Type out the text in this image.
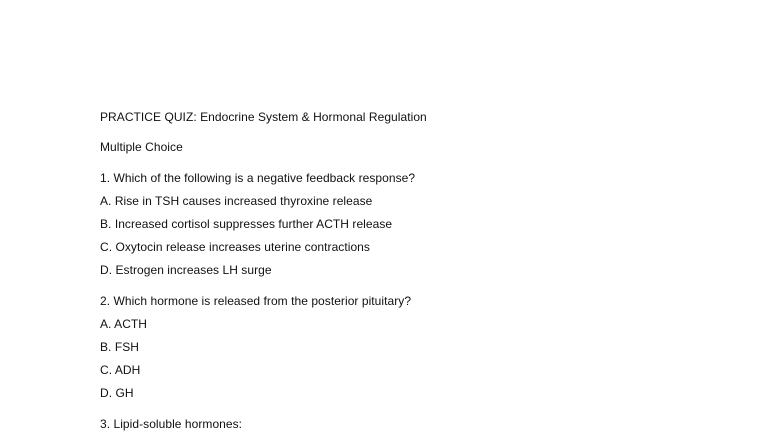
PRACTICE QUIZ: Endocrine System & Hormonal Regulation
Multiple Choice
1. Which of the following is a negative feedback response?
A. Rise in TSH causes increased thyroxine release
B. Increased cortisol suppresses further ACTH release
C. Oxytocin release increases uterine contractions
D. Estrogen increases LH surge
2. Which hormone is released from the posterior pituitary?
A. ACTH
B. FSH
C. ADH
D. GH
3. Lipid-soluble hormones:
